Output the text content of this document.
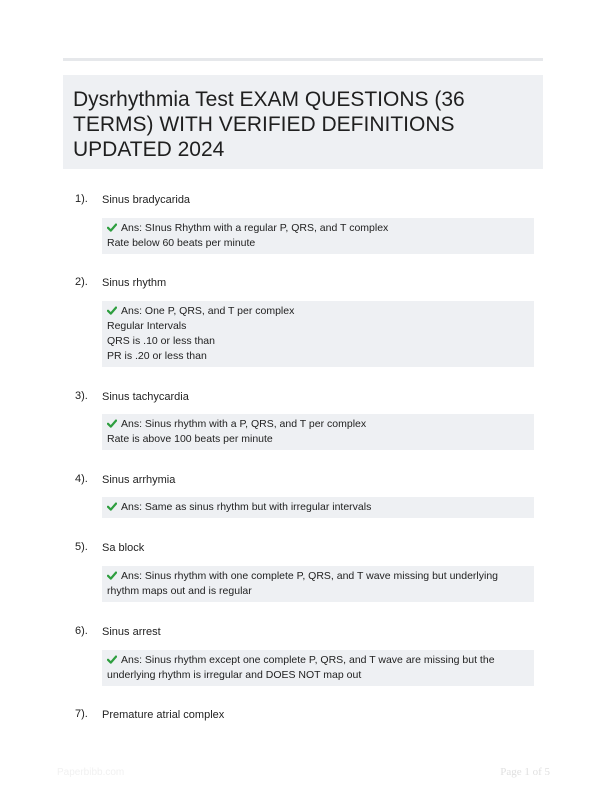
Dysrhythmia Test EXAM QUESTIONS (36 TERMS) WITH VERIFIED DEFINITIONS UPDATED 2024
1). Sinus bradycarida
Ans: SInus Rhythm with a regular P, QRS, and T complex
Rate below 60 beats per minute
2). Sinus rhythm
Ans: One P, QRS, and T per complex
Regular Intervals
QRS is .10 or less than
PR is .20 or less than
3). Sinus tachycardia
Ans: Sinus rhythm with a P, QRS, and T per complex
Rate is above 100 beats per minute
4). Sinus arrhymia
Ans: Same as sinus rhythm but with irregular intervals
5). Sa block
Ans: Sinus rhythm with one complete P, QRS, and T wave missing but underlying
rhythm maps out and is regular
6). Sinus arrest
Ans: Sinus rhythm except one complete P, QRS, and T wave are missing but the
underlying rhythm is irregular and DOES NOT map out
7). Premature atrial complex
Paperbibb.com	Page 1 of 5
